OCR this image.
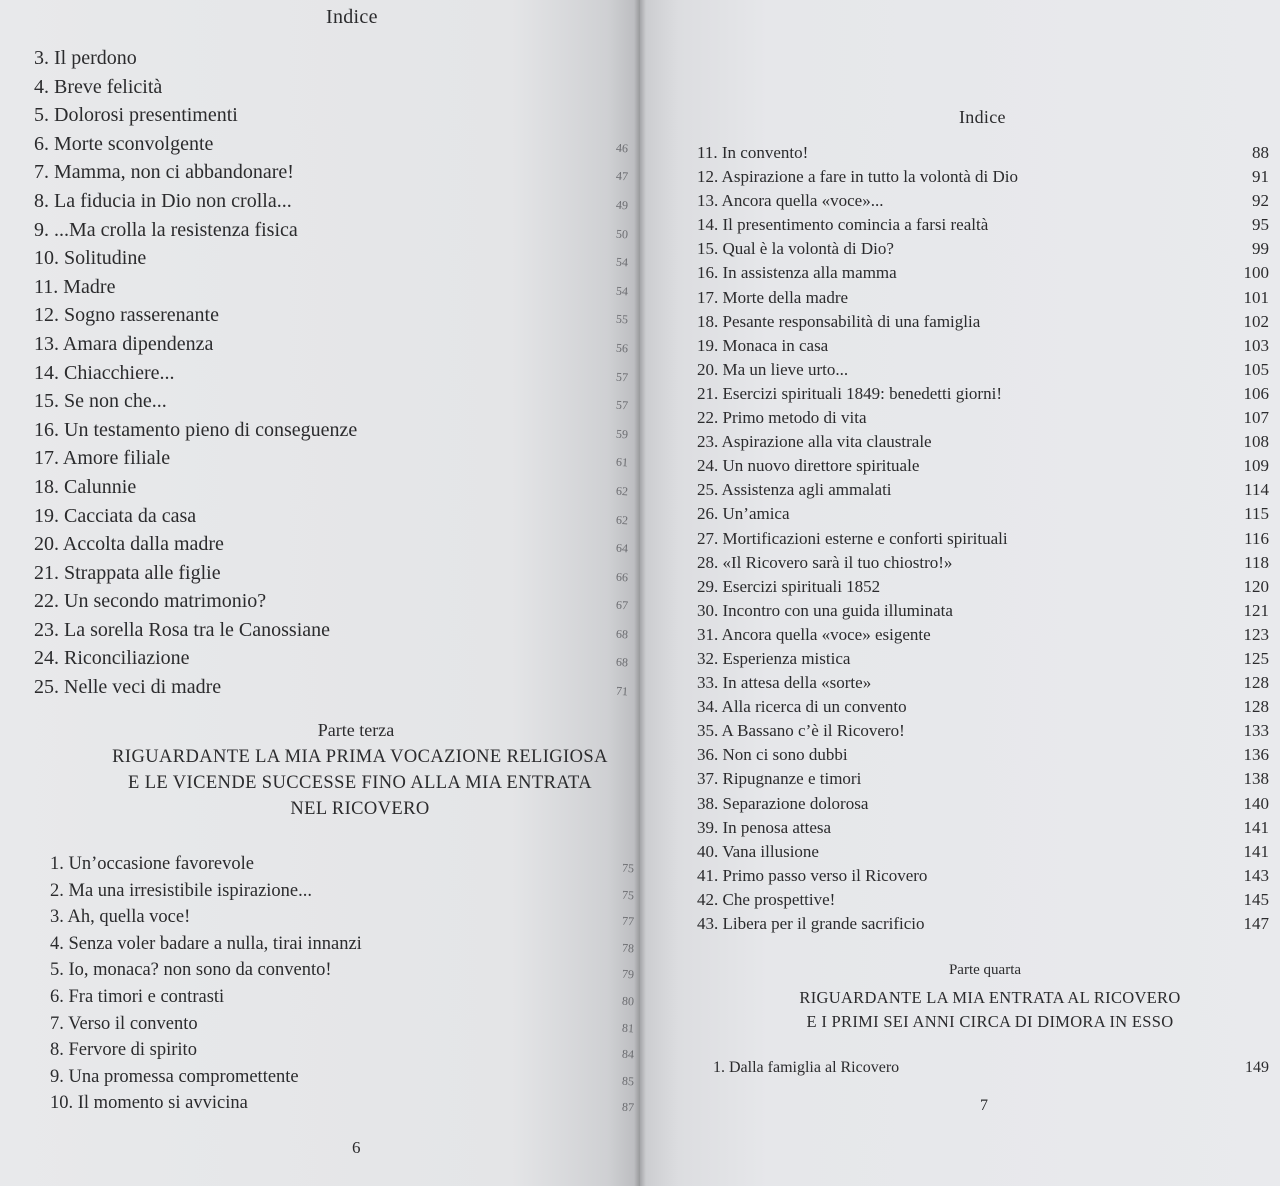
Indice
3. Il perdono
4. Breve felicità
5. Dolorosi presentimenti
6. Morte sconvolgente	46
7. Mamma, non ci abbandonare!	47
8. La fiducia in Dio non crolla...	49
9. ...Ma crolla la resistenza fisica	50
10. Solitudine	54
11. Madre	54
12. Sogno rasserenante	55
13. Amara dipendenza	56
14. Chiacchiere...	57
15. Se non che...	57
16. Un testamento pieno di conseguenze	59
17. Amore filiale	61
18. Calunnie	62
19. Cacciata da casa	62
20. Accolta dalla madre	64
21. Strappata alle figlie	66
22. Un secondo matrimonio?	67
23. La sorella Rosa tra le Canossiane	68
24. Riconciliazione	68
25. Nelle veci di madre	71
Parte terza
RIGUARDANTE LA MIA PRIMA VOCAZIONE RELIGIOSA
E LE VICENDE SUCCESSE FINO ALLA MIA ENTRATA
NEL RICOVERO
1. Un’occasione favorevole	75
2. Ma una irresistibile ispirazione...	75
3. Ah, quella voce!	77
4. Senza voler badare a nulla, tirai innanzi	78
5. Io, monaca? non sono da convento!	79
6. Fra timori e contrasti	80
7. Verso il convento	81
8. Fervore di spirito	84
9. Una promessa compromettente	85
10. Il momento si avvicina	87
6
Indice
11. In convento!	88
12. Aspirazione a fare in tutto la volontà di Dio	91
13. Ancora quella «voce»...	92
14. Il presentimento comincia a farsi realtà	95
15. Qual è la volontà di Dio?	99
16. In assistenza alla mamma	100
17. Morte della madre	101
18. Pesante responsabilità di una famiglia	102
19. Monaca in casa	103
20. Ma un lieve urto...	105
21. Esercizi spirituali 1849: benedetti giorni!	106
22. Primo metodo di vita	107
23. Aspirazione alla vita claustrale	108
24. Un nuovo direttore spirituale	109
25. Assistenza agli ammalati	114
26. Un’amica	115
27. Mortificazioni esterne e conforti spirituali	116
28. «Il Ricovero sarà il tuo chiostro!»	118
29. Esercizi spirituali 1852	120
30. Incontro con una guida illuminata	121
31. Ancora quella «voce» esigente	123
32. Esperienza mistica	125
33. In attesa della «sorte»	128
34. Alla ricerca di un convento	128
35. A Bassano c’è il Ricovero!	133
36. Non ci sono dubbi	136
37. Ripugnanze e timori	138
38. Separazione dolorosa	140
39. In penosa attesa	141
40. Vana illusione	141
41. Primo passo verso il Ricovero	143
42. Che prospettive!	145
43. Libera per il grande sacrificio	147
Parte quarta
RIGUARDANTE LA MIA ENTRATA AL RICOVERO
E I PRIMI SEI ANNI CIRCA DI DIMORA IN ESSO
1. Dalla famiglia al Ricovero	149
7
